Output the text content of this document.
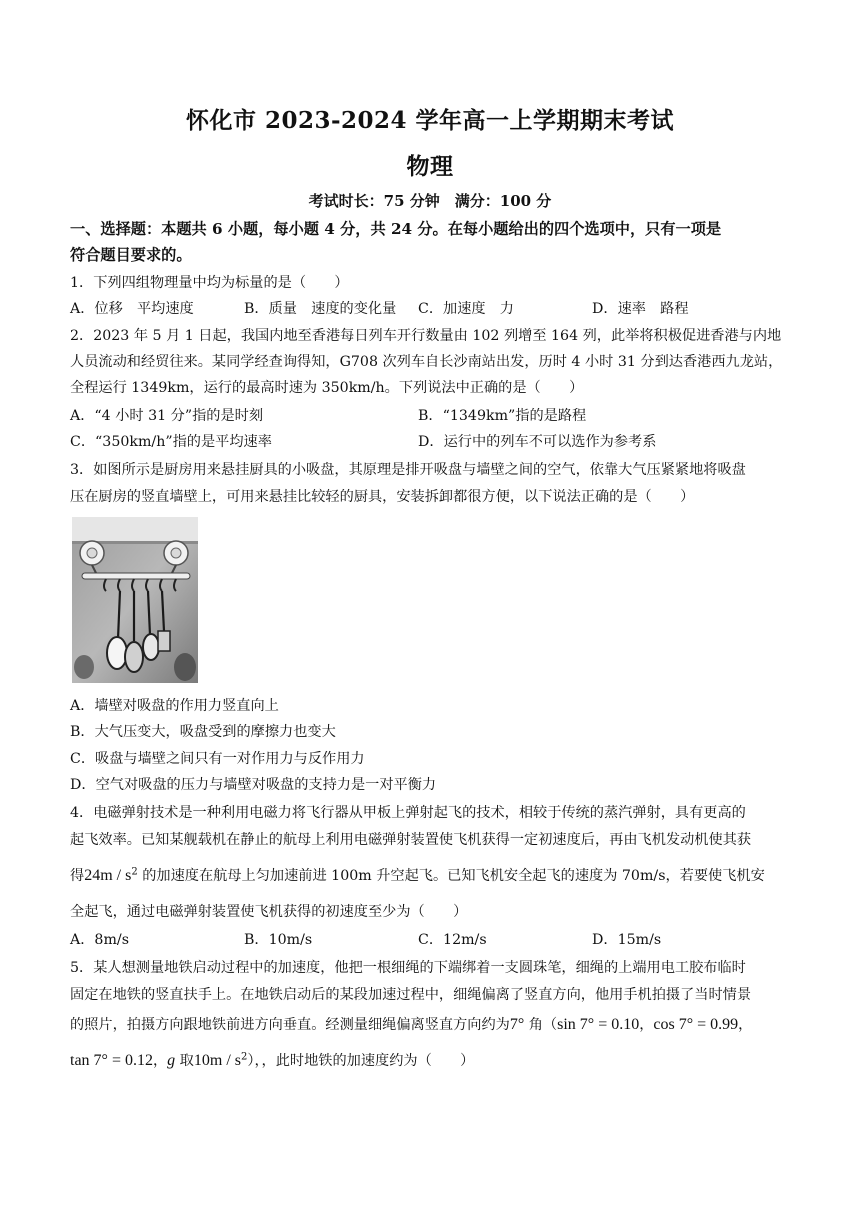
怀化市 2023-2024 学年高一上学期期末考试
物理
考试时长：75 分钟　满分：100 分
一、选择题：本题共 6 小题，每小题 4 分，共 24 分。在每小题给出的四个选项中，只有一项是
符合题目要求的。
1．下列四组物理量中均为标量的是（　　）
A．位移　平均速度	B．质量　速度的变化量 C．加速度　力	D．速率　路程
2．2023 年 5 月 1 日起，我国内地至香港每日列车开行数量由 102 列增至 164 列，此举将积极促进香港与内地
人员流动和经贸往来。某同学经查询得知，G708 次列车自长沙南站出发，历时 4 小时 31 分到达香港西九龙站，
全程运行 1349km，运行的最高时速为 350km/h。下列说法中正确的是（　　）
A．“4 小时 31 分”指的是时刻	B．“1349km”指的是路程
C．“350km/h”指的是平均速率	D．运行中的列车不可以选作为参考系
3．如图所示是厨房用来悬挂厨具的小吸盘，其原理是排开吸盘与墙壁之间的空气，依靠大气压紧紧地将吸盘
压在厨房的竖直墙壁上，可用来悬挂比较轻的厨具，安装拆卸都很方便，以下说法正确的是（　　）
A．墙壁对吸盘的作用力竖直向上
B．大气压变大，吸盘受到的摩擦力也变大
C．吸盘与墙壁之间只有一对作用力与反作用力
D．空气对吸盘的压力与墙壁对吸盘的支持力是一对平衡力
4．电磁弹射技术是一种利用电磁力将飞行器从甲板上弹射起飞的技术，相较于传统的蒸汽弹射，具有更高的
起飞效率。已知某舰载机在静止的航母上利用电磁弹射装置使飞机获得一定初速度后，再由飞机发动机使其获
得$24m / s^2$ 的加速度在航母上匀加速前进 100m 升空起飞。已知飞机安全起飞的速度为 70m/s，若要使飞机安
全起飞，通过电磁弹射装置使飞机获得的初速度至少为（　　）
A．8m/s	B．10m/s	C．12m/s	D．15m/s
5．某人想测量地铁启动过程中的加速度，他把一根细绳的下端绑着一支圆珠笔，细绳的上端用电工胶布临时
固定在地铁的竖直扶手上。在地铁启动后的某段加速过程中，细绳偏离了竖直方向，他用手机拍摄了当时情景
的照片，拍摄方向跟地铁前进方向垂直。经测量细绳偏离竖直方向约为7° 角（sin 7° = 0.10，cos 7° = 0.99，
tan 7° = 0.12，g 取$10m / s^2$），，此时地铁的加速度约为（　　）
